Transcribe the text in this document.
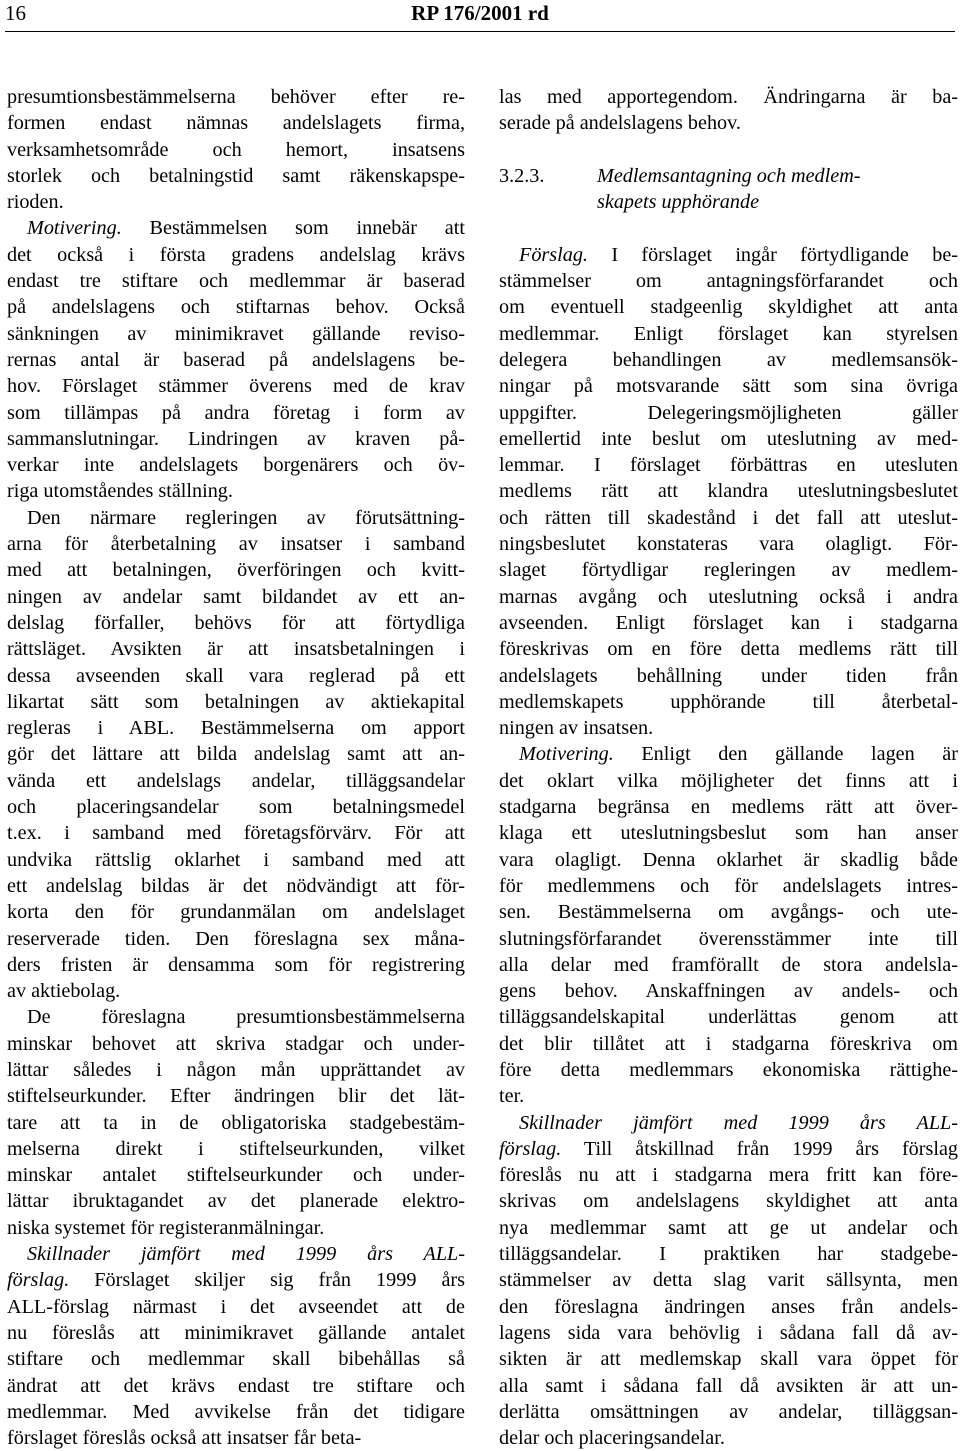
16	RP 176/2001 rd
presumtionsbestämmelserna behöver efter re-
formen endast nämnas andelslagets firma,
verksamhetsområde och hemort, insatsens
storlek och betalningstid samt räkenskapspe-
rioden.
Motivering. Bestämmelsen som innebär att
det också i första gradens andelslag krävs
endast tre stiftare och medlemmar är baserad
på andelslagens och stiftarnas behov. Också
sänkningen av minimikravet gällande reviso-
rernas antal är baserad på andelslagens be-
hov. Förslaget stämmer överens med de krav
som tillämpas på andra företag i form av
sammanslutningar. Lindringen av kraven på-
verkar inte andelslagets borgenärers och öv-
riga utomståendes ställning.
Den närmare regleringen av förutsättning-
arna för återbetalning av insatser i samband
med att betalningen, överföringen och kvitt-
ningen av andelar samt bildandet av ett an-
delslag förfaller, behövs för att förtydliga
rättsläget. Avsikten är att insatsbetalningen i
dessa avseenden skall vara reglerad på ett
likartat sätt som betalningen av aktiekapital
regleras i ABL. Bestämmelserna om apport
gör det lättare att bilda andelslag samt att an-
vända ett andelslags andelar, tilläggsandelar
och placeringsandelar som betalningsmedel
t.ex. i samband med företagsförvärv. För att
undvika rättslig oklarhet i samband med att
ett andelslag bildas är det nödvändigt att för-
korta den för grundanmälan om andelslaget
reserverade tiden. Den föreslagna sex måna-
ders fristen är densamma som för registrering
av aktiebolag.
De föreslagna presumtionsbestämmelserna
minskar behovet att skriva stadgar och under-
lättar således i någon mån upprättandet av
stiftelseurkunder. Efter ändringen blir det lät-
tare att ta in de obligatoriska stadgebestäm-
melserna direkt i stiftelseurkunden, vilket
minskar antalet stiftelseurkunder och under-
lättar ibruktagandet av det planerade elektro-
niska systemet för registeranmälningar.
Skillnader jämfört med 1999 års ALL-
förslag. Förslaget skiljer sig från 1999 års
ALL-förslag närmast i det avseendet att de
nu föreslås att minimikravet gällande antalet
stiftare och medlemmar skall bibehållas så
ändrat att det krävs endast tre stiftare och
medlemmar. Med avvikelse från det tidigare
förslaget föreslås också att insatser får beta-
las med apportegendom. Ändringarna är ba-
serade på andelslagens behov.
3.2.3.	Medlemsantagning och medlem-
skapets upphörande
Förslag. I förslaget ingår förtydligande be-
stämmelser om antagningsförfarandet och
om eventuell stadgeenlig skyldighet att anta
medlemmar. Enligt förslaget kan styrelsen
delegera behandlingen av medlemsansök-
ningar på motsvarande sätt som sina övriga
uppgifter. Delegeringsmöjligheten gäller
emellertid inte beslut om uteslutning av med-
lemmar. I förslaget förbättras en utesluten
medlems rätt att klandra uteslutningsbeslutet
och rätten till skadestånd i det fall att uteslut-
ningsbeslutet konstateras vara olagligt. För-
slaget förtydligar regleringen av medlem-
marnas avgång och uteslutning också i andra
avseenden. Enligt förslaget kan i stadgarna
föreskrivas om en före detta medlems rätt till
andelslagets behållning under tiden från
medlemskapets upphörande till återbetal-
ningen av insatsen.
Motivering. Enligt den gällande lagen är
det oklart vilka möjligheter det finns att i
stadgarna begränsa en medlems rätt att över-
klaga ett uteslutningsbeslut som han anser
vara olagligt. Denna oklarhet är skadlig både
för medlemmens och för andelslagets intres-
sen. Bestämmelserna om avgångs- och ute-
slutningsförfarandet överensstämmer inte till
alla delar med framförallt de stora andelsla-
gens behov. Anskaffningen av andels- och
tilläggsandelskapital underlättas genom att
det blir tillåtet att i stadgarna föreskriva om
före detta medlemmars ekonomiska rättighe-
ter.
Skillnader jämfört med 1999 års ALL-
förslag. Till åtskillnad från 1999 års förslag
föreslås nu att i stadgarna mera fritt kan före-
skrivas om andelslagens skyldighet att anta
nya medlemmar samt att ge ut andelar och
tilläggsandelar. I praktiken har stadgebe-
stämmelser av detta slag varit sällsynta, men
den föreslagna ändringen anses från andels-
lagens sida vara behövlig i sådana fall då av-
sikten är att medlemskap skall vara öppet för
alla samt i sådana fall då avsikten är att un-
derlätta omsättningen av andelar, tilläggsan-
delar och placeringsandelar.
